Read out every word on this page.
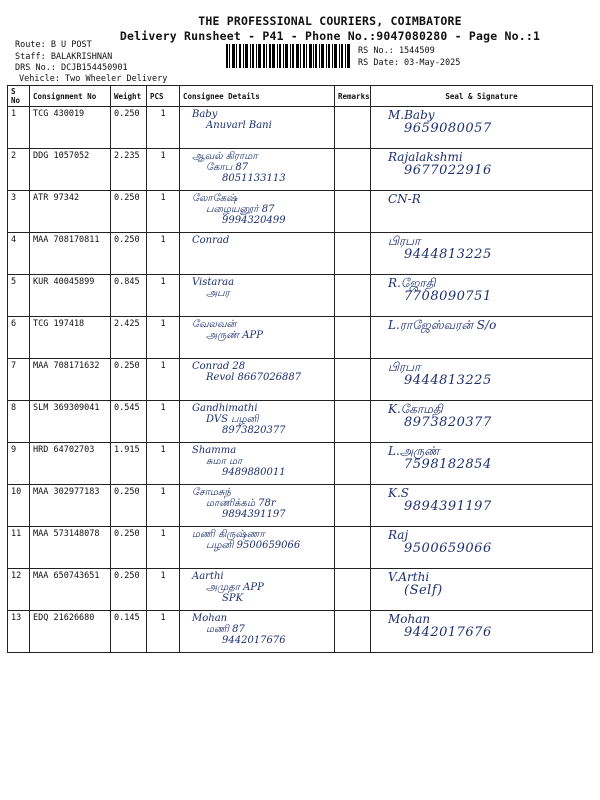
THE PROFESSIONAL COURIERS, COIMBATORE
Delivery Runsheet - P41 - Phone No.:9047080280 - Page No.:1
Route: B U POST
Staff: BALAKRISHNAN
DRS No.: DCJB154450901
Vehicle: Two Wheeler Delivery
RS No.: 1544509
RS Date: 03-May-2025
S No	Consignment No	Weight	PCS	Consignee Details	Remarks	Seal & Signature
1	TCG 430019	0.250	1	Baby
Anuvarl Bani		M.Baby
9659080057

2	DDG 1057052	2.235	1	ஆவல் கிராமா
கோப 87
8051133113		Rajalakshmi
9677022916

3	ATR 97342	0.250	1	லோகேஷ்
பழையனூர் 87
9994320499		CN-R

4	MAA 708170811	0.250	1	Conrad		பிரபா
9444813225

5	KUR 40045899	0.845	1	Vistaraa
அபர		R.ஜோதி
7708090751

6	TCG 197418	2.425	1	வேலவன்
அருண் APP		L.ராஜேஸ்வரன் S/o

7	MAA 708171632	0.250	1	Conrad 28
Revol 8667026887		பிரபா
9444813225

8	SLM 369309041	0.545	1	Gandhimathi
DVS பழனி
8973820377		K.கோமதி
8973820377

9	HRD 64702703	1.915	1	Shamma
சுமா மா
9489880011		L.அருண்
7598182854

10	MAA 302977183	0.250	1	சோமசுந்
மாணிக்கம் 78r
9894391197		K.S
9894391197

11	MAA 573148078	0.250	1	மணி கிருஷ்ணா
பழனி 9500659066		Raj
9500659066

12	MAA 650743651	0.250	1	Aarthi
அமுதா APP
SPK		V.Arthi
(Self)

13	EDQ 21626680	0.145	1	Mohan
மணி 87
9442017676		Mohan
9442017676
